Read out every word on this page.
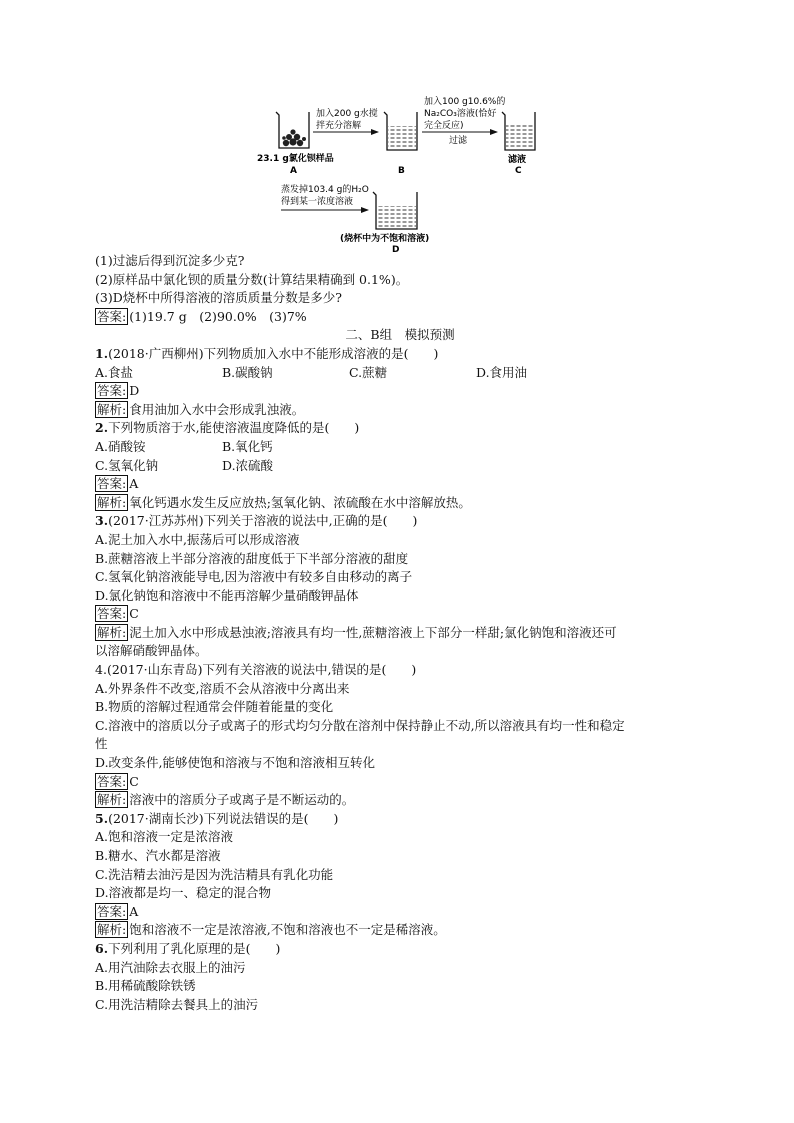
加入200 g水搅
拌充分溶解
加入100 g10.6%的
Na₂CO₃溶液(恰好
完全反应)
过滤
蒸发掉103.4 g的H₂O
得到某一浓度溶液
23.1 g氯化钡样品
A	B
滤液
C
(烧杯中为不饱和溶液)
D
(1)过滤后得到沉淀多少克?
(2)原样品中氯化钡的质量分数(计算结果精确到 0.1%)。
(3)D烧杯中所得溶液的溶质质量分数是多少?
答案: (1)19.7 g　(2)90.0%　(3)7%
二、B组　模拟预测
1.(2018·广西柳州)下列物质加入水中不能形成溶液的是(　　)
A.食盐	B.碳酸钠	C.蔗糖	D.食用油
答案: D
解析: 食用油加入水中会形成乳浊液。
2.下列物质溶于水,能使溶液温度降低的是(　　)
A.硝酸铵	B.氧化钙
C.氢氧化钠	D.浓硫酸
答案: A
解析: 氧化钙遇水发生反应放热;氢氧化钠、浓硫酸在水中溶解放热。
3.(2017·江苏苏州)下列关于溶液的说法中,正确的是(　　)
A.泥土加入水中,振荡后可以形成溶液
B.蔗糖溶液上半部分溶液的甜度低于下半部分溶液的甜度
C.氢氧化钠溶液能导电,因为溶液中有较多自由移动的离子
D.氯化钠饱和溶液中不能再溶解少量硝酸钾晶体
答案: C
解析: 泥土加入水中形成悬浊液;溶液具有均一性,蔗糖溶液上下部分一样甜;氯化钠饱和溶液还可
以溶解硝酸钾晶体。
4.(2017·山东青岛)下列有关溶液的说法中,错误的是(　　)
A.外界条件不改变,溶质不会从溶液中分离出来
B.物质的溶解过程通常会伴随着能量的变化
C.溶液中的溶质以分子或离子的形式均匀分散在溶剂中保持静止不动,所以溶液具有均一性和稳定
性
D.改变条件,能够使饱和溶液与不饱和溶液相互转化
答案: C
解析: 溶液中的溶质分子或离子是不断运动的。
5.(2017·湖南长沙)下列说法错误的是(　　)
A.饱和溶液一定是浓溶液
B.糖水、汽水都是溶液
C.洗洁精去油污是因为洗洁精具有乳化功能
D.溶液都是均一、稳定的混合物
答案: A
解析: 饱和溶液不一定是浓溶液,不饱和溶液也不一定是稀溶液。
6.下列利用了乳化原理的是(　　)
A.用汽油除去衣服上的油污
B.用稀硫酸除铁锈
C.用洗洁精除去餐具上的油污
